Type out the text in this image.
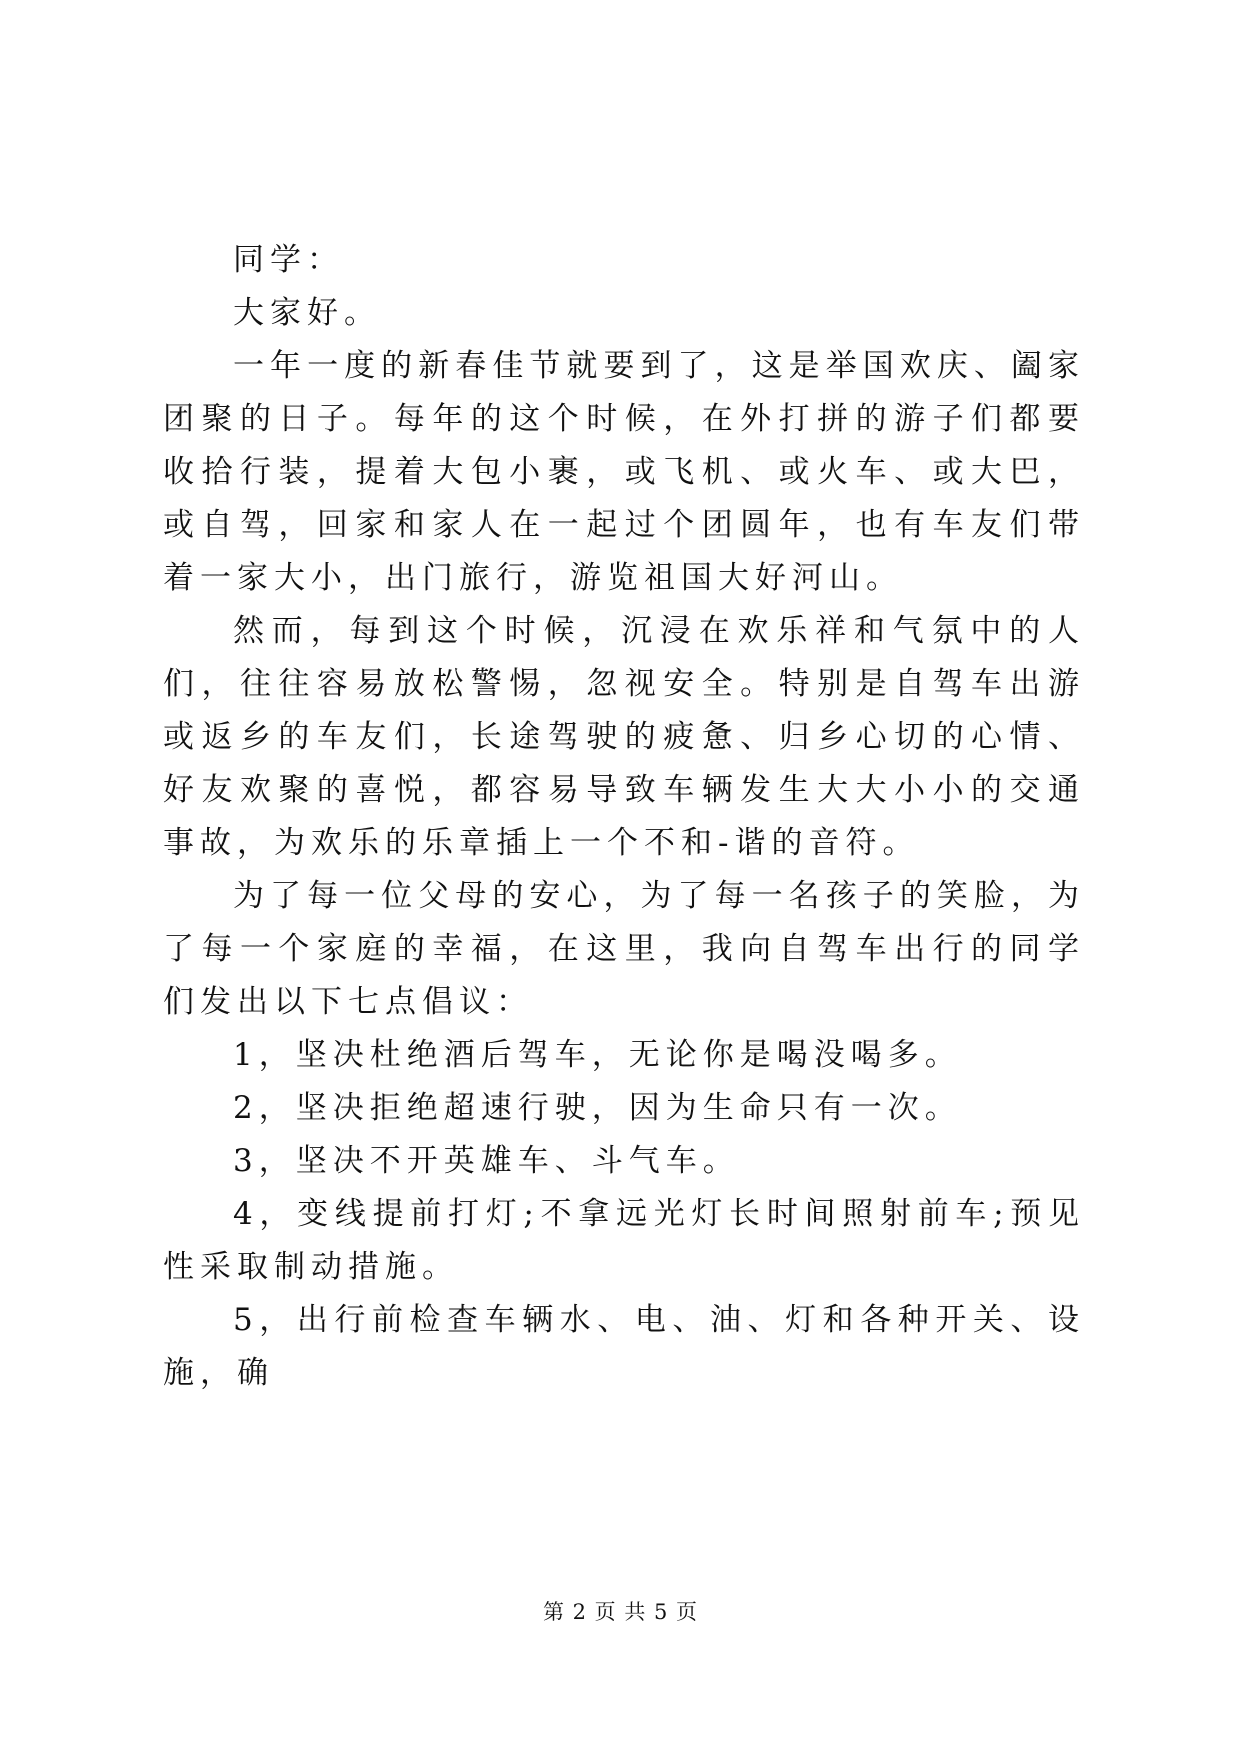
同学：

大家好。

一年一度的新春佳节就要到了，这是举国欢庆、阖家团聚的日子。每年的这个时候，在外打拼的游子们都要收拾行装，提着大包小裹，或飞机、或火车、或大巴，或自驾，回家和家人在一起过个团圆年，也有车友们带着一家大小，出门旅行，游览祖国大好河山。

然而，每到这个时候，沉浸在欢乐祥和气氛中的人们，往往容易放松警惕，忽视安全。特别是自驾车出游或返乡的车友们，长途驾驶的疲惫、归乡心切的心情、好友欢聚的喜悦，都容易导致车辆发生大大小小的交通事故，为欢乐的乐章插上一个不和-谐的音符。

为了每一位父母的安心，为了每一名孩子的笑脸，为了每一个家庭的幸福，在这里，我向自驾车出行的同学们发出以下七点倡议：

1，坚决杜绝酒后驾车，无论你是喝没喝多。

2，坚决拒绝超速行驶，因为生命只有一次。

3，坚决不开英雄车、斗气车。

4，变线提前打灯;不拿远光灯长时间照射前车;预见性采取制动措施。

5，出行前检查车辆水、电、油、灯和各种开关、设施，确

第 2 页 共 5 页
